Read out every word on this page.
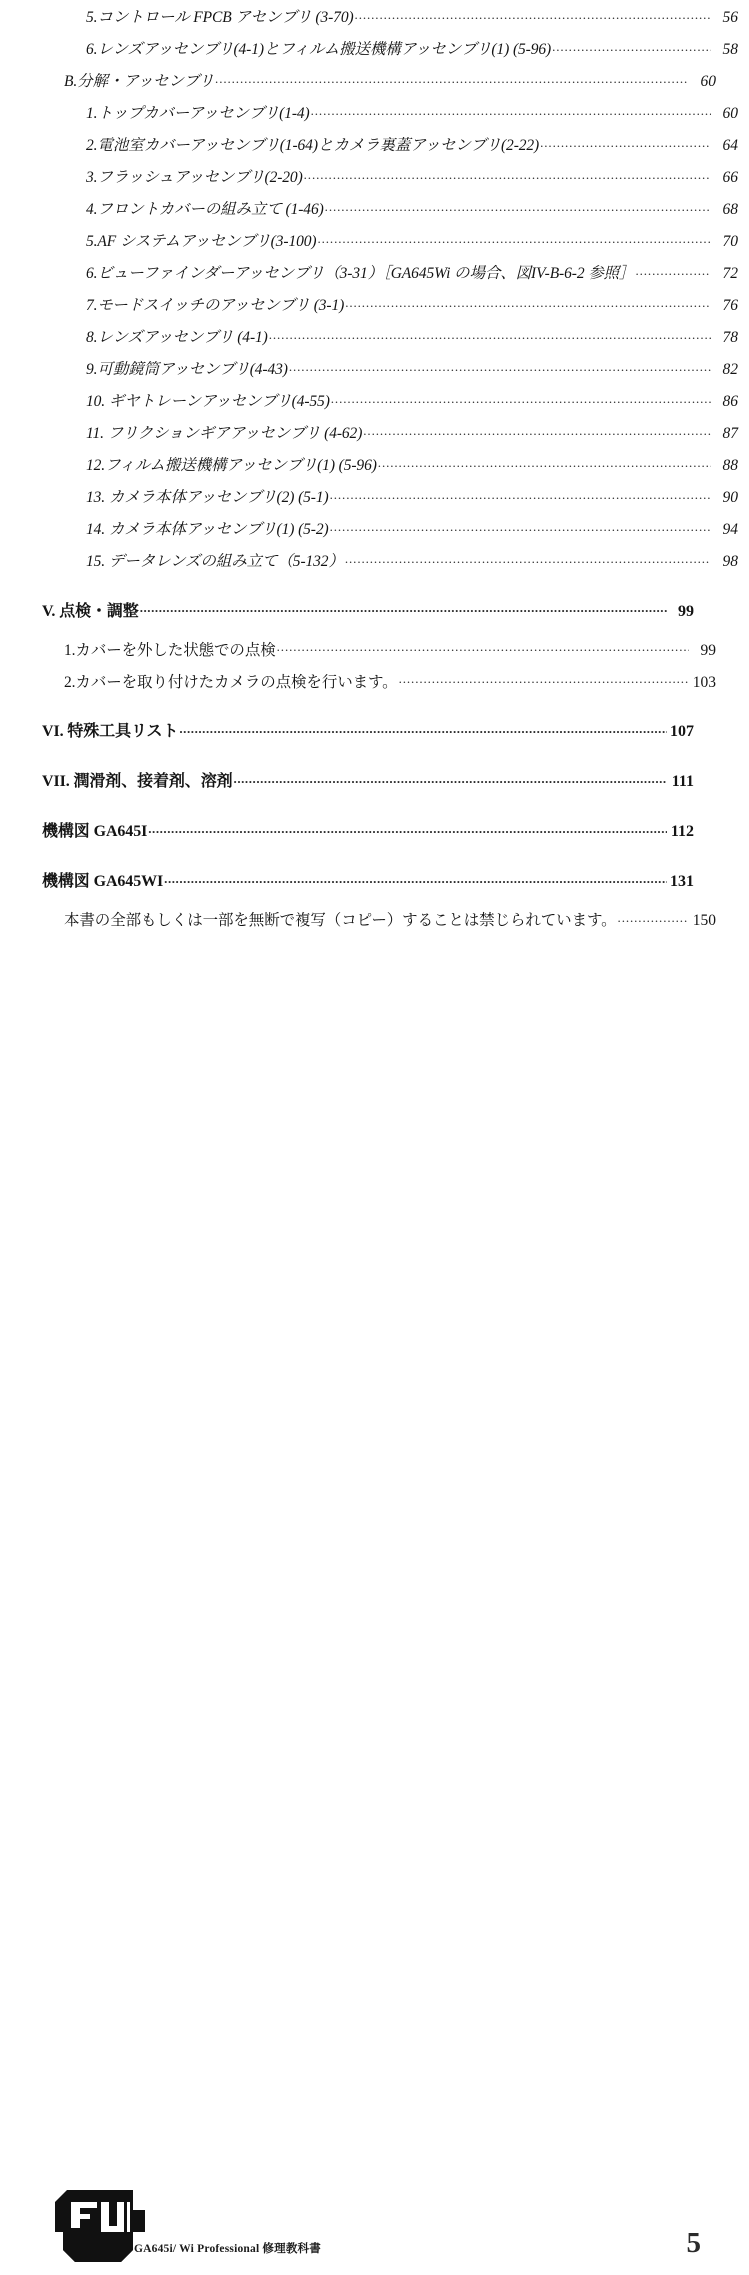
5.コントロール FPCB アセンブリ (3-70) .....	56
6.レンズアッセンブリ(4-1)とフィルム搬送機構アッセンブリ(1) (5-96) .....	58
B.分解・アッセンブリ .....	60
1.トップカバーアッセンブリ(1-4) .....	60
2.電池室カバーアッセンブリ(1-64)とカメラ裏蓋アッセンブリ(2-22) .....	64
3.フラッシュアッセンブリ(2-20) .....	66
4.フロントカバーの組み立て (1-46) .....	68
5.AF システムアッセンブリ(3-100) .....	70
6.ビューファインダーアッセンブリ（3-31）［GA645Wi の場合、図IV-B-6-2 参照］ .....	72
7.モードスイッチのアッセンブリ (3-1) .....	76
8.レンズアッセンブリ (4-1) .....	78
9.可動鏡筒アッセンブリ(4-43) .....	82
10. ギヤトレーンアッセンブリ(4-55) .....	86
11. フリクションギアアッセンブリ (4-62) .....	87
12.フィルム搬送機構アッセンブリ(1) (5-96) .....	88
13. カメラ本体アッセンブリ(2) (5-1) .....	90
14. カメラ本体アッセンブリ(1) (5-2) .....	94
15. データレンズの組み立て（5-132） .....	98
V. 点検・調整 .....	99
1.カバーを外した状態での点検 .....	99
2.カバーを取り付けたカメラの点検を行います。 .....	103
VI. 特殊工具リスト .....	107
VII. 潤滑剤、接着剤、溶剤 .....	111
機構図 GA645I .....	112
機構図 GA645WI .....	131
本書の全部もしくは一部を無断で複写（コピー）することは禁じられています。 .....	150
GA645i/ Wi Professional 修理教科書	5
